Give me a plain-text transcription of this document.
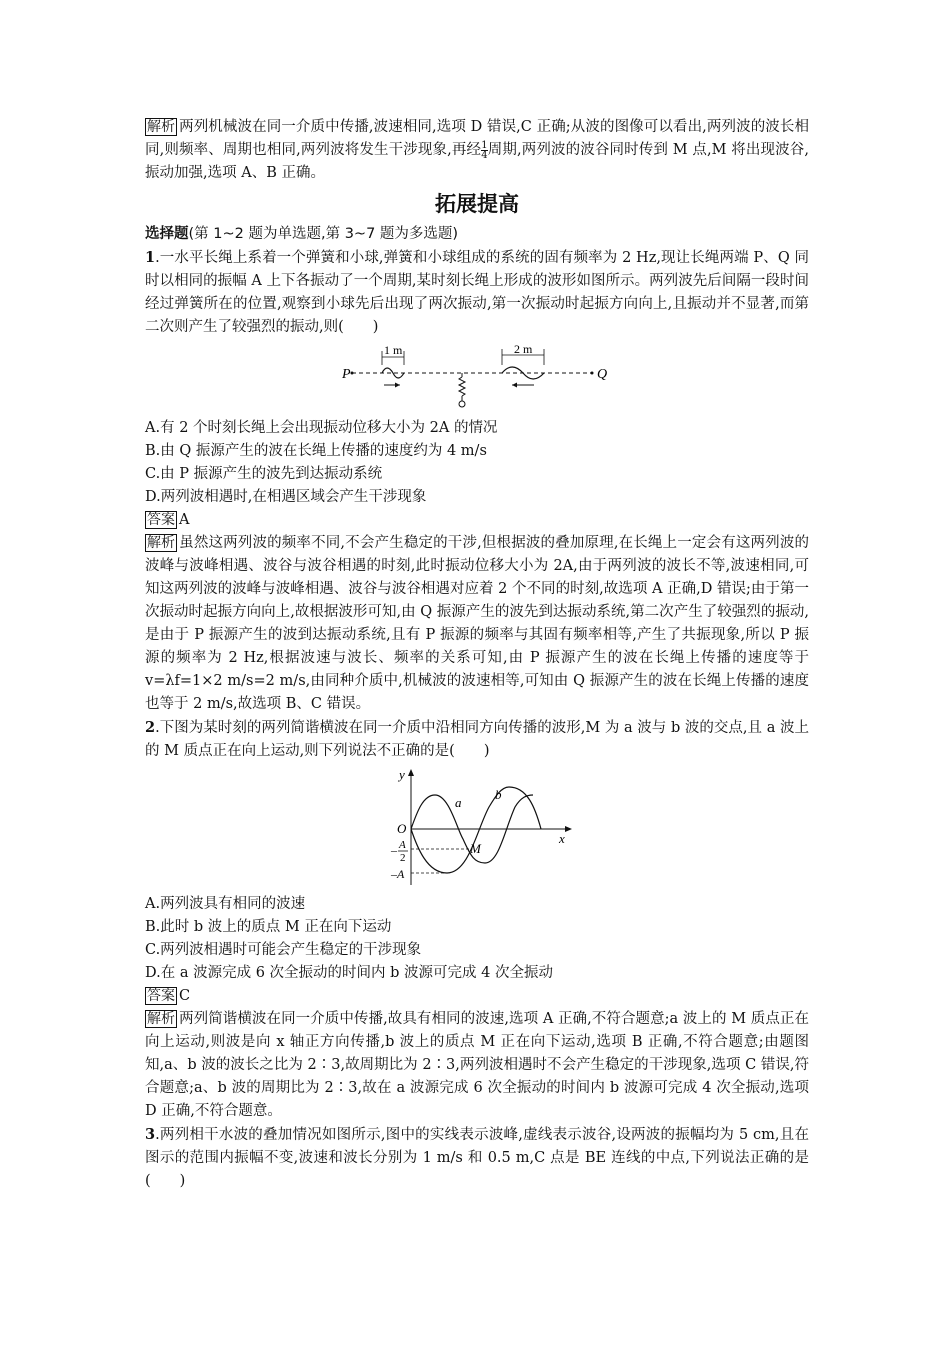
解析 两列机械波在同一介质中传播,波速相同,选项 D 错误,C 正确;从波的图像可以看出,两列波的波长相同,则频率、周期也相同,两列波将发生干涉现象,再经 $\frac{1}{4}$ 周期,两列波的波谷同时传到 M 点,M 将出现波谷,振动加强,选项 A、B 正确。

拓展提高

选择题(第 1~2 题为单选题,第 3~7 题为多选题)

1.一水平长绳上系着一个弹簧和小球,弹簧和小球组成的系统的固有频率为 2 Hz,现让长绳两端 P、Q 同时以相同的振幅 A 上下各振动了一个周期,某时刻长绳上形成的波形如图所示。两列波先后间隔一段时间经过弹簧所在的位置,观察到小球先后出现了两次振动,第一次振动时起振方向向上,且振动并不显著,而第二次则产生了较强烈的振动,则(　　)

P	Q
1 m	2 m

A.有 2 个时刻长绳上会出现振动位移大小为 2A 的情况

B.由 Q 振源产生的波在长绳上传播的速度约为 4 m/s

C.由 P 振源产生的波先到达振动系统

D.两列波相遇时,在相遇区域会产生干涉现象

答案 A

解析 虽然这两列波的频率不同,不会产生稳定的干涉,但根据波的叠加原理,在长绳上一定会有这两列波的波峰与波峰相遇、波谷与波谷相遇的时刻,此时振动位移大小为 2A,由于两列波的波长不等,波速相同,可知这两列波的波峰与波峰相遇、波谷与波谷相遇对应着 2 个不同的时刻,故选项 A 正确,D 错误;由于第一次振动时起振方向向上,故根据波形可知,由 Q 振源产生的波先到达振动系统,第二次产生了较强烈的振动,是由于 P 振源产生的波到达振动系统,且有 P 振源的频率与其固有频率相等,产生了共振现象,所以 P 振源的频率为 2 Hz,根据波速与波长、频率的关系可知,由 P 振源产生的波在长绳上传播的速度等于 v=λf=1×2 m/s=2 m/s,由同种介质中,机械波的波速相等,可知由 Q 振源产生的波在长绳上传播的速度也等于 2 m/s,故选项 B、C 错误。

2.下图为某时刻的两列简谐横波在同一介质中沿相同方向传播的波形,M 为 a 波与 b 波的交点,且 a 波上的 M 质点正在向上运动,则下列说法不正确的是(　　)

y
x
O
– A
2
–A
a
b
M

A.两列波具有相同的波速

B.此时 b 波上的质点 M 正在向下运动

C.两列波相遇时可能会产生稳定的干涉现象

D.在 a 波源完成 6 次全振动的时间内 b 波源可完成 4 次全振动

答案 C

解析 两列简谐横波在同一介质中传播,故具有相同的波速,选项 A 正确,不符合题意;a 波上的 M 质点正在向上运动,则波是向 x 轴正方向传播,b 波上的质点 M 正在向下运动,选项 B 正确,不符合题意;由题图知,a、b 波的波长之比为 2∶3,故周期比为 2∶3,两列波相遇时不会产生稳定的干涉现象,选项 C 错误,符合题意;a、b 波的周期比为 2∶3,故在 a 波源完成 6 次全振动的时间内 b 波源可完成 4 次全振动,选项 D 正确,不符合题意。

3.两列相干水波的叠加情况如图所示,图中的实线表示波峰,虚线表示波谷,设两波的振幅均为 5 cm,且在图示的范围内振幅不变,波速和波长分别为 1 m/s 和 0.5 m,C 点是 BE 连线的中点,下列说法正确的是(　　)
